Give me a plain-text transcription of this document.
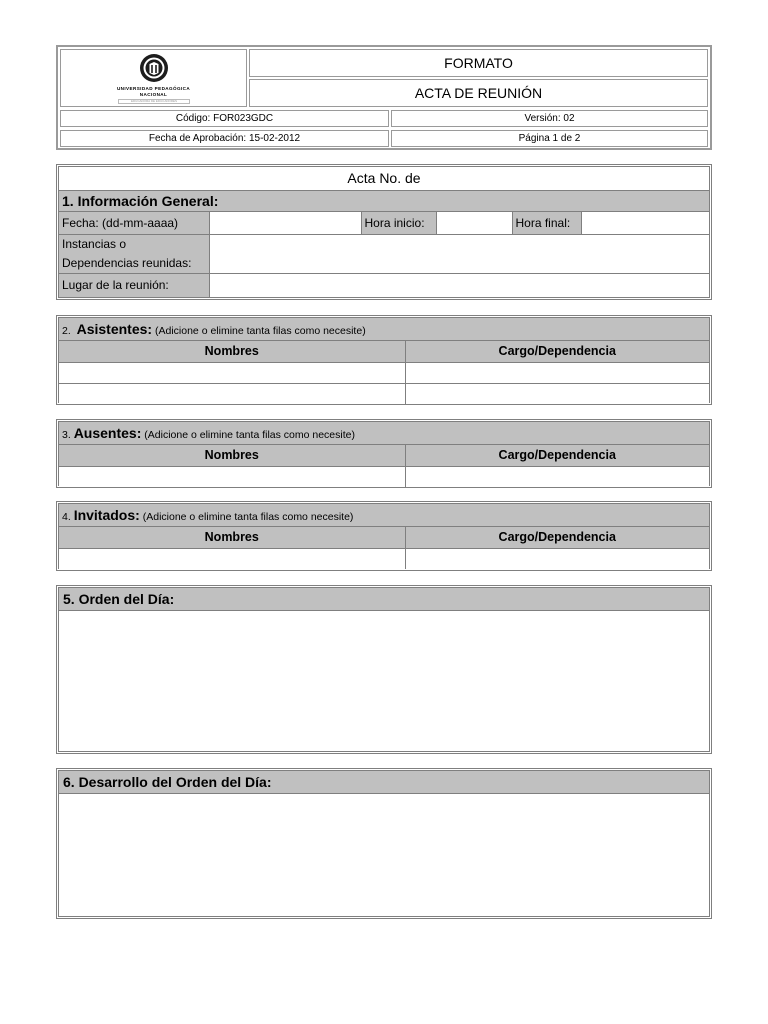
UNIVERSIDAD PEDAGÓGICA
NACIONAL
EDUCADORA DE EDUCADORES
FORMATO
ACTA DE REUNIÓN
Código: FOR023GDC	Versión: 02
Fecha de Aprobación: 15-02-2012	Página 1 de 2
Acta No. de
1. Información General:
Fecha: (dd-mm-aaaa)		Hora inicio:		Hora final:	

Instancias o
Dependencias reunidas:					

Lugar de la reunión:					
2. Asistentes: (Adicione o elimine tanta filas como necesite)
Nombres	Cargo/Dependencia

3. Ausentes: (Adicione o elimine tanta filas como necesite)
Nombres	Cargo/Dependencia

4. Invitados: (Adicione o elimine tanta filas como necesite)
Nombres	Cargo/Dependencia

5. Orden del Día:
6. Desarrollo del Orden del Día:
